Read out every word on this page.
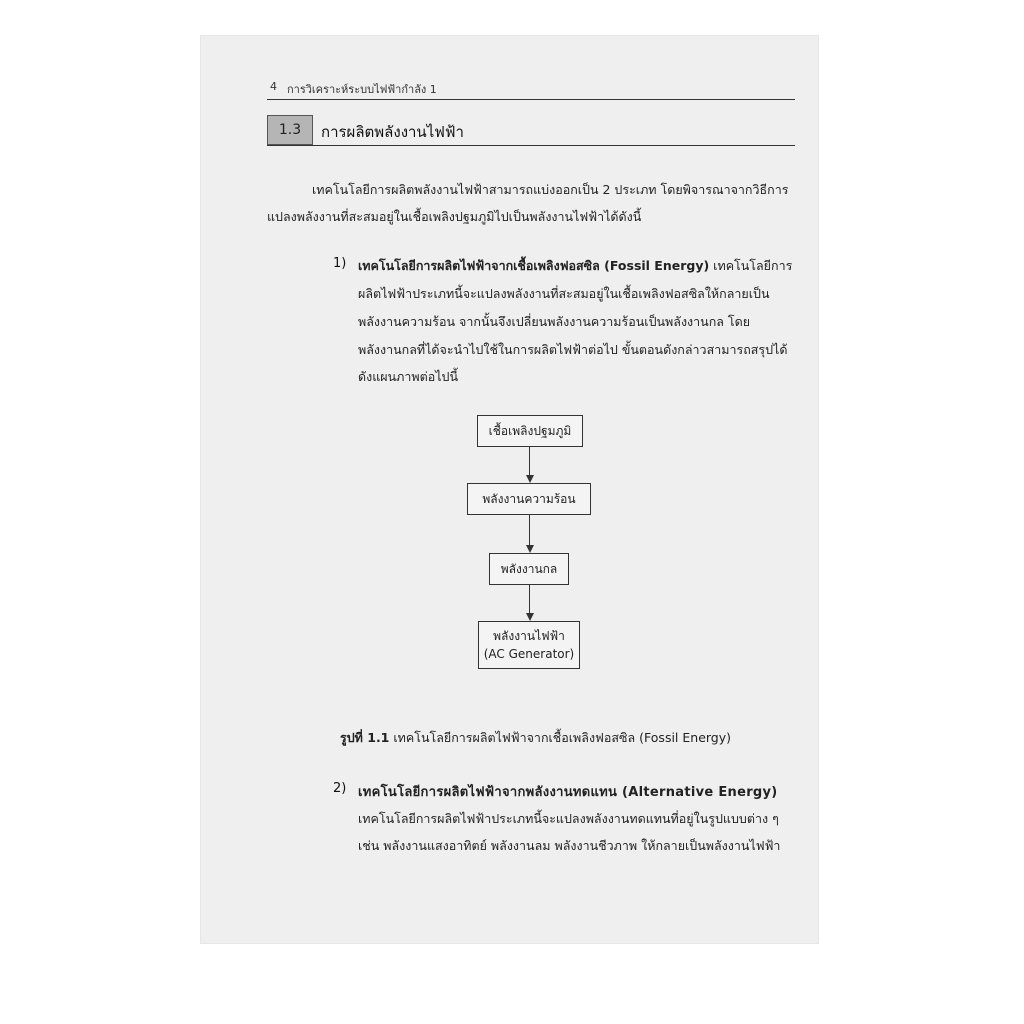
4 การวิเคราะห์ระบบไฟฟ้ากำลัง 1
1.3	การผลิตพลังงานไฟฟ้า
เทคโนโลยีการผลิตพลังงานไฟฟ้าสามารถแบ่งออกเป็น 2 ประเภท โดยพิจารณาจากวิธีการ
แปลงพลังงานที่สะสมอยู่ในเชื้อเพลิงปฐมภูมิไปเป็นพลังงานไฟฟ้าได้ดังนี้
1) เทคโนโลยีการผลิตไฟฟ้าจากเชื้อเพลิงฟอสซิล (Fossil Energy) เทคโนโลยีการ
ผลิตไฟฟ้าประเภทนี้จะแปลงพลังงานที่สะสมอยู่ในเชื้อเพลิงฟอสซิลให้กลายเป็น
พลังงานความร้อน จากนั้นจึงเปลี่ยนพลังงานความร้อนเป็นพลังงานกล โดย
พลังงานกลที่ได้จะนำไปใช้ในการผลิตไฟฟ้าต่อไป ขั้นตอนดังกล่าวสามารถสรุปได้
ดังแผนภาพต่อไปนี้
เชื้อเพลิงปฐมภูมิ
พลังงานความร้อน
พลังงานกล
พลังงานไฟฟ้า
(AC Generator)
รูปที่ 1.1 เทคโนโลยีการผลิตไฟฟ้าจากเชื้อเพลิงฟอสซิล (Fossil Energy)
2) เทคโนโลยีการผลิตไฟฟ้าจากพลังงานทดแทน (Alternative Energy)
เทคโนโลยีการผลิตไฟฟ้าประเภทนี้จะแปลงพลังงานทดแทนที่อยู่ในรูปแบบต่าง ๆ
เช่น พลังงานแสงอาทิตย์ พลังงานลม พลังงานชีวภาพ ให้กลายเป็นพลังงานไฟฟ้า
